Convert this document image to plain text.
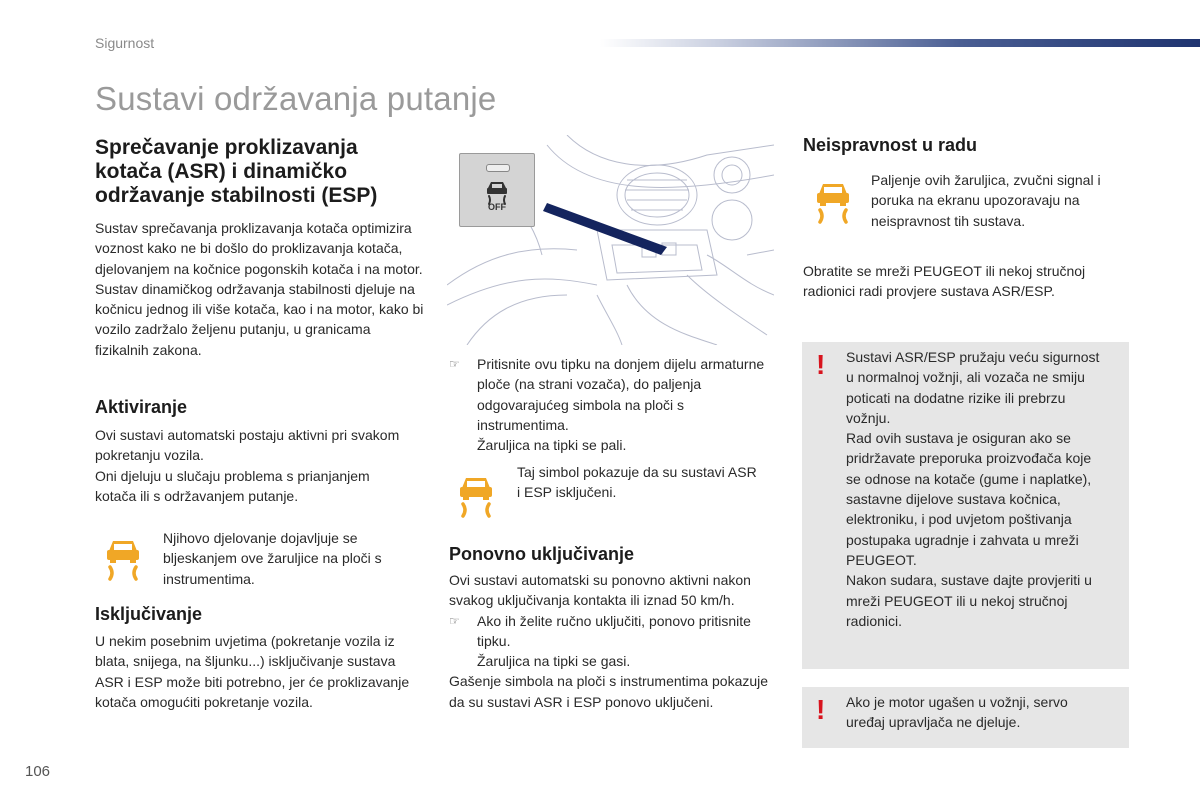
Sigurnost
Sustavi održavanja putanje
Sprečavanje proklizavanja kotača (ASR) i dinamičko održavanje stabilnosti (ESP)

Sustav sprečavanja proklizavanja kotača optimizira voznost kako ne bi došlo do proklizavanja kotača, djelovanjem na kočnice pogonskih kotača i na motor.

Sustav dinamičkog održavanja stabilnosti djeluje na kočnicu jednog ili više kotača, kao i na motor, kako bi vozilo zadržalo željenu putanju, u granicama fizikalnih zakona.

Aktiviranje

Ovi sustavi automatski postaju aktivni pri svakom pokretanju vozila.

Oni djeluju u slučaju problema s prianjanjem kotača ili s održavanjem putanje.

Njihovo djelovanje dojavljuje se bljeskanjem ove žaruljice na ploči s instrumentima.
Isključivanje
U nekim posebnim uvjetima (pokretanje vozila iz blata, snijega, na šljunku...) isključivanje sustava ASR i ESP može biti potrebno, jer će proklizavanje kotača omogućiti pokretanje vozila.
OFF
☞ Pritisnite ovu tipku na donjem dijelu armaturne ploče (na strani vozača), do paljenja odgovarajućeg simbola na ploči s instrumentima.

Žaruljica na tipki se pali.

Taj simbol pokazuje da su sustavi ASR i ESP isključeni.
Ponovno uključivanje

Ovi sustavi automatski su ponovno aktivni nakon svakog uključivanja kontakta ili iznad 50 km/h.

☞ Ako ih želite ručno uključiti, ponovo pritisnite tipku.

Žaruljica na tipki se gasi.

Gašenje simbola na ploči s instrumentima pokazuje da su sustavi ASR i ESP ponovo uključeni.

Neispravnost u radu
Paljenje ovih žaruljica, zvučni signal i poruka na ekranu upozoravaju na neispravnost tih sustava.
Obratite se mreži PEUGEOT ili nekoj stručnoj radionici radi provjere sustava ASR/ESP.
! Sustavi ASR/ESP pružaju veću sigurnost u normalnoj vožnji, ali vozača ne smiju poticati na dodatne rizike ili prebrzu vožnju.

Rad ovih sustava je osiguran ako se pridržavate preporuka proizvođača koje se odnose na kotače (gume i naplatke), sastavne dijelove sustava kočnica, elektroniku, i pod uvjetom poštivanja postupaka ugradnje i zahvata u mreži PEUGEOT.

Nakon sudara, sustave dajte provjeriti u mreži PEUGEOT ili u nekoj stručnoj radionici.

! Ako je motor ugašen u vožnji, servo uređaj upravljača ne djeluje.
106
